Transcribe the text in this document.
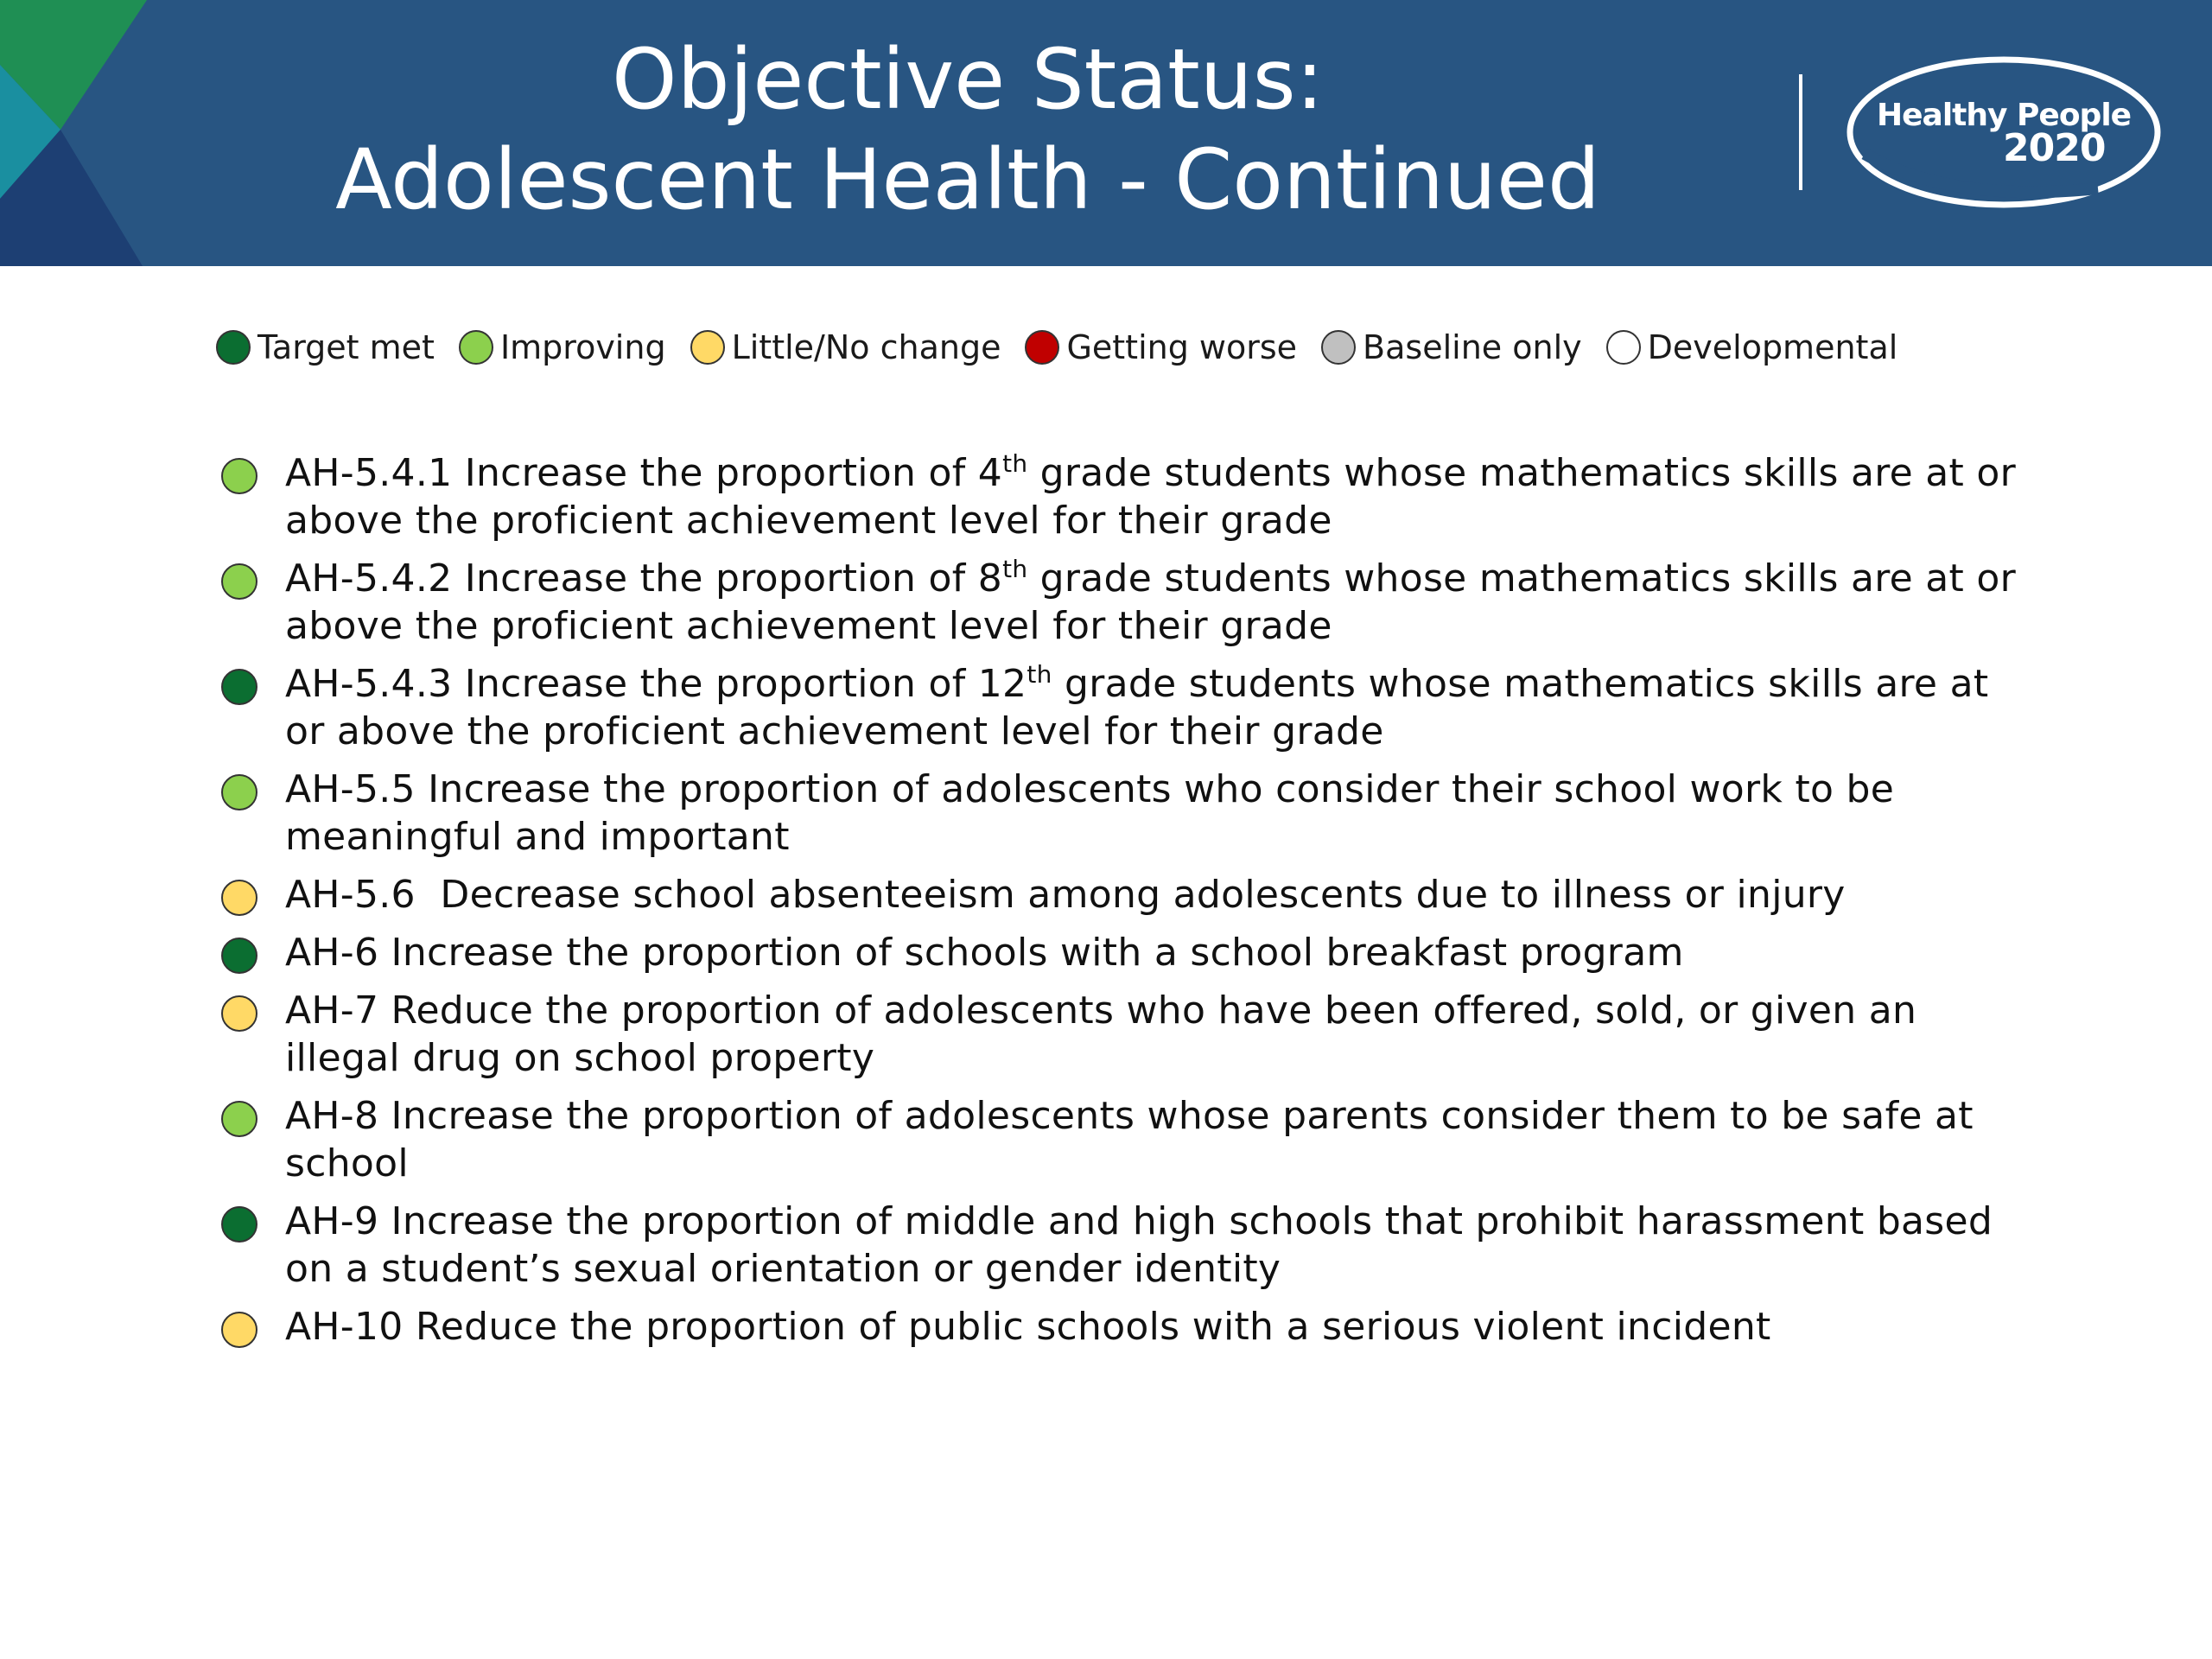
Objective Status:
Adolescent Health - Continued
Healthy People
2020
Target met Improving Little/No change Getting worse Baseline only Developmental
AH-5.4.1 Increase the proportion of 4th grade students whose mathematics skills are at or above the proficient achievement level for their grade
AH-5.4.2 Increase the proportion of 8th grade students whose mathematics skills are at or above the proficient achievement level for their grade
AH-5.4.3 Increase the proportion of 12th grade students whose mathematics skills are at or above the proficient achievement level for their grade
AH-5.5 Increase the proportion of adolescents who consider their school work to be meaningful and important
AH-5.6  Decrease school absenteeism among adolescents due to illness or injury
AH-6 Increase the proportion of schools with a school breakfast program
AH-7 Reduce the proportion of adolescents who have been offered, sold, or given an illegal drug on school property
AH-8 Increase the proportion of adolescents whose parents consider them to be safe at school
AH-9 Increase the proportion of middle and high schools that prohibit harassment based on a student’s sexual orientation or gender identity
AH-10 Reduce the proportion of public schools with a serious violent incident
